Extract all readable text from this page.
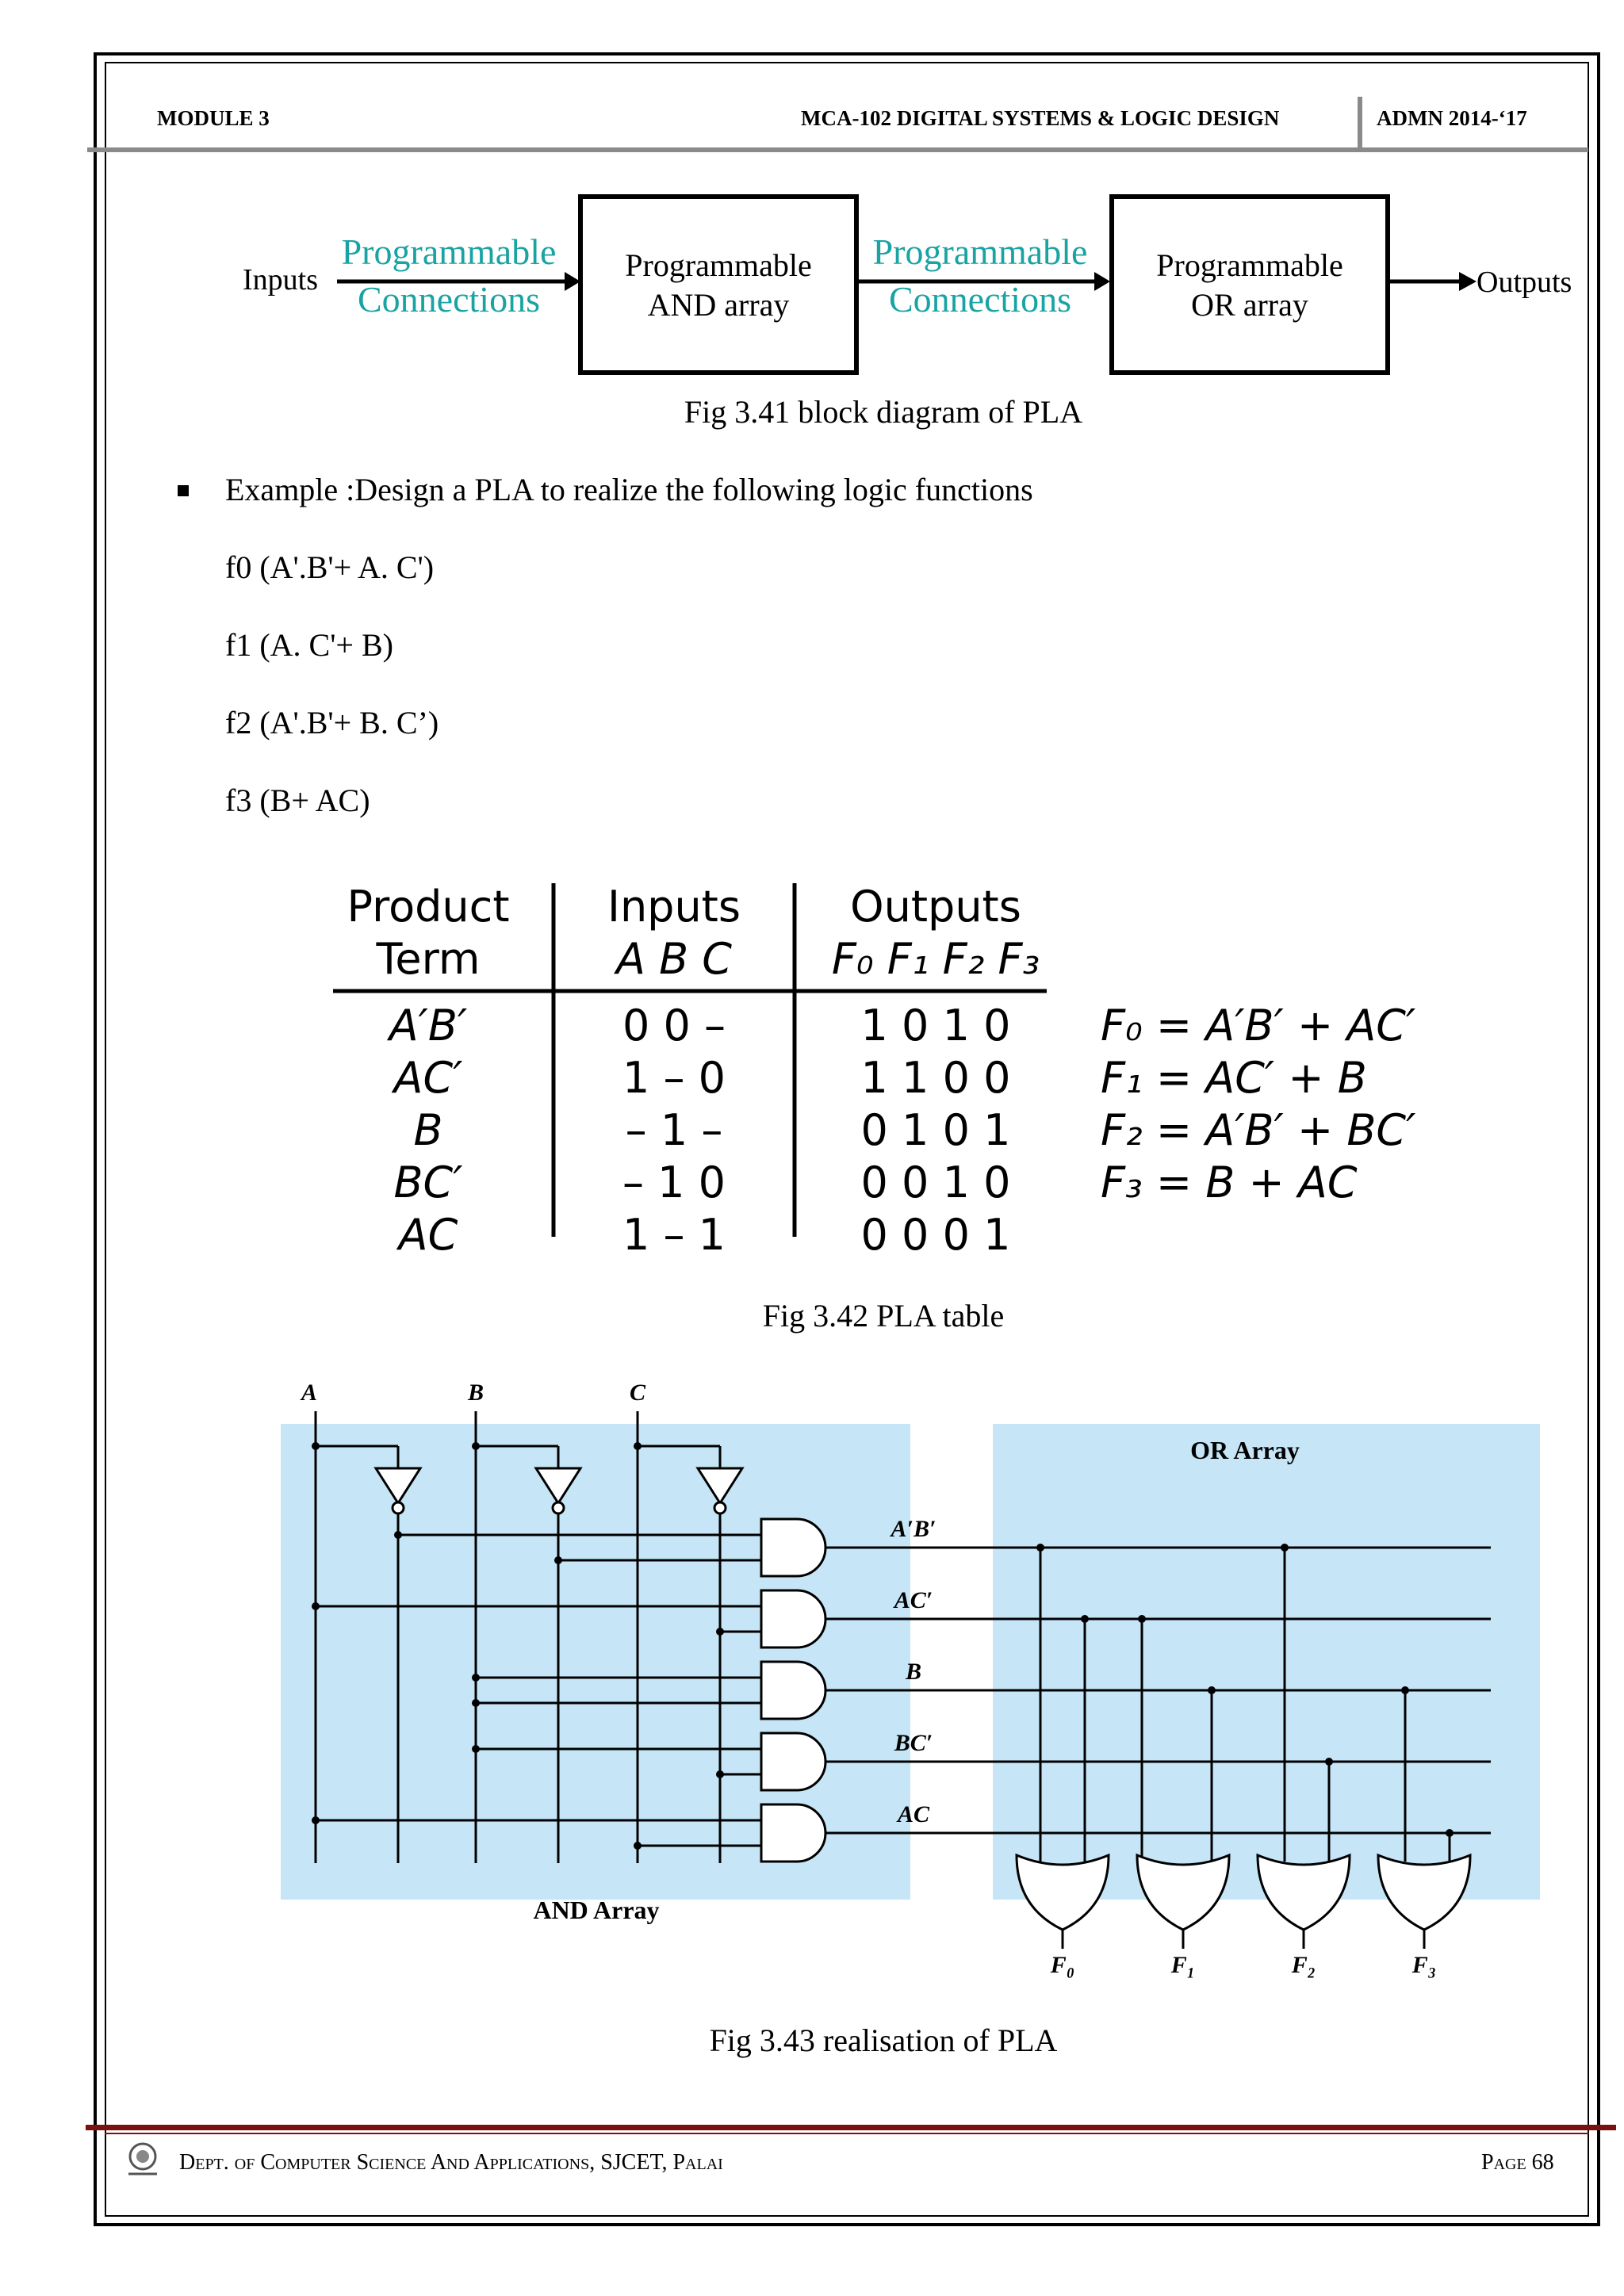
MODULE 3	MCA-102 DIGITAL SYSTEMS & LOGIC DESIGN	ADMN 2014-‘17
Inputs
Programmable
Connections
Programmable
AND array
Programmable
Connections
Programmable
OR array
Outputs
Fig 3.41 block diagram of PLA
Example :Design a PLA to realize the following logic functions
f0 (A'.B'+ A. C')
f1 (A. C'+ B)
f2 (A'.B'+ B. C’)
f3 (B+ AC)
Product
Term
Inputs
A B C
Outputs
F₀ F₁ F₂ F₃
A′B′	0 0 –	1 0 1 0 F₀ = A′B′ + AC′
AC′	1 – 0	1 1 0 0 F₁ = AC′ + B
B	– 1 –	0 1 0 1 F₂ = A′B′ + BC′
BC′	– 1 0	0 0 1 0 F₃ = B + AC
AC	1 – 1	0 0 0 1
Fig 3.42 PLA table
A	B	C
OR Array
AND Array
A′B′
AC′
B
BC′
AC
F₀	F₁	F₂	F₃
Fig 3.43 realisation of PLA
Dept. of Computer Science And Applications, SJCET, Palai	Page 68
